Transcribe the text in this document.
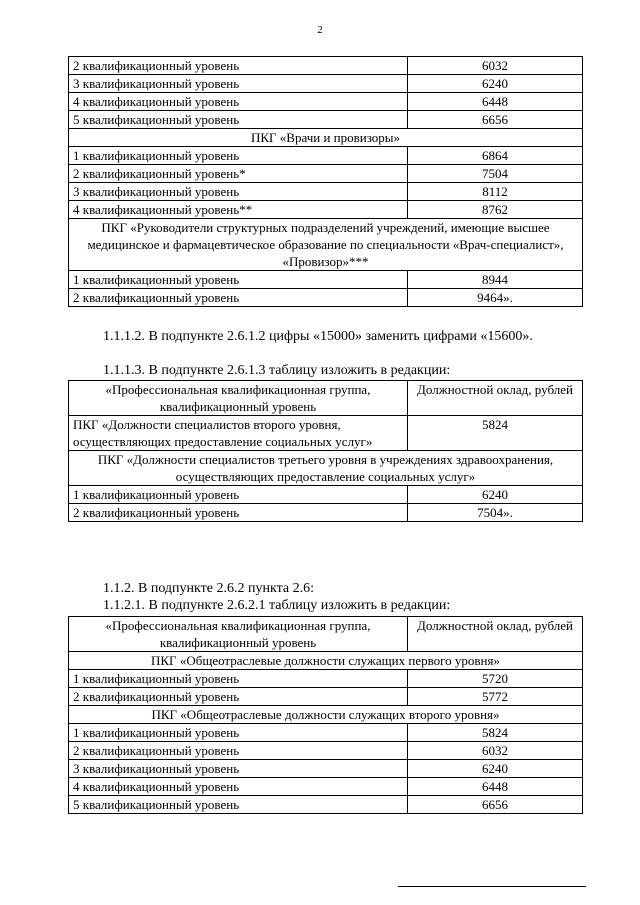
2
2 квалификационный уровень	6032
3 квалификационный уровень	6240
4 квалификационный уровень	6448
5 квалификационный уровень	6656
ПКГ «Врачи и провизоры»	
1 квалификационный уровень	6864
2 квалификационный уровень*	7504
3 квалификационный уровень	8112
4 квалификационный уровень**	8762
ПКГ «Руководители структурных подразделений учреждений, имеющие высшее медицинское и фармацевтическое образование по специальности «Врач-специалист», «Провизор»***	
1 квалификационный уровень	8944
2 квалификационный уровень	9464».
1.1.1.2. В подпункте 2.6.1.2 цифры «15000» заменить цифрами «15600».
1.1.1.3. В подпункте 2.6.1.3 таблицу изложить в редакции:
«Профессиональная квалификационная группа, квалификационный уровень	Должностной оклад, рублей
ПКГ «Должности специалистов второго уровня, осуществляющих предоставление социальных услуг»	5824
ПКГ «Должности специалистов третьего уровня в учреждениях здравоохранения, осуществляющих предоставление социальных услуг»	
1 квалификационный уровень	6240
2 квалификационный уровень	7504».
1.1.2. В подпункте 2.6.2 пункта 2.6:
1.1.2.1. В подпункте 2.6.2.1 таблицу изложить в редакции:
«Профессиональная квалификационная группа, квалификационный уровень	Должностной оклад, рублей
ПКГ «Общеотраслевые должности служащих первого уровня»	
1 квалификационный уровень	5720
2 квалификационный уровень	5772
ПКГ «Общеотраслевые должности служащих второго уровня»	
1 квалификационный уровень	5824
2 квалификационный уровень	6032
3 квалификационный уровень	6240
4 квалификационный уровень	6448
5 квалификационный уровень	6656
